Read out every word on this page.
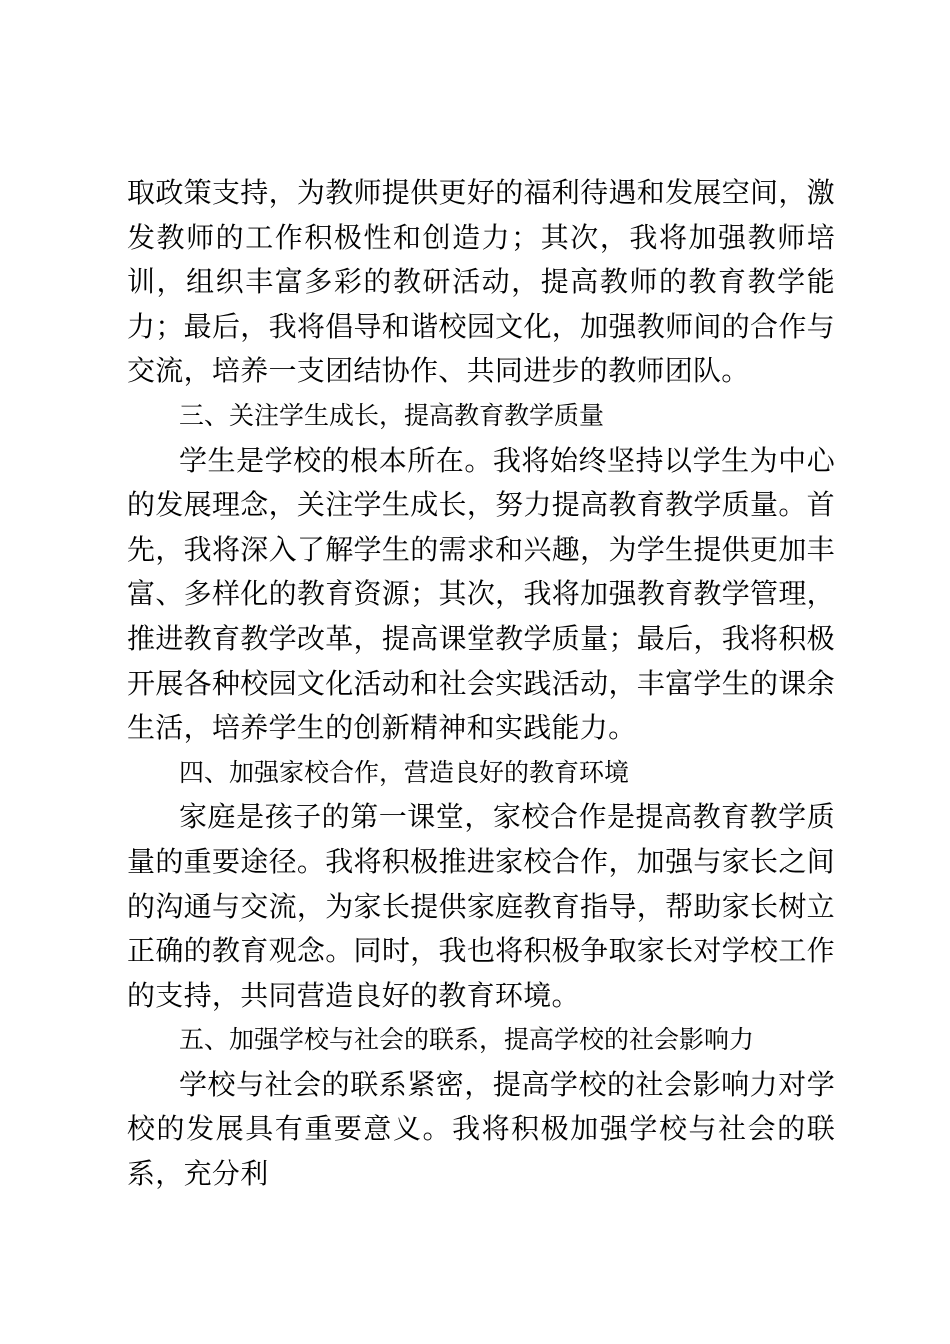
取政策支持，为教师提供更好的福利待遇和发展空间，激发教师的工作积极性和创造力；其次，我将加强教师培训，组织丰富多彩的教研活动，提高教师的教育教学能力；最后，我将倡导和谐校园文化，加强教师间的合作与交流，培养一支团结协作、共同进步的教师团队。

三、关注学生成长，提高教育教学质量

学生是学校的根本所在。我将始终坚持以学生为中心的发展理念，关注学生成长，努力提高教育教学质量。首先，我将深入了解学生的需求和兴趣，为学生提供更加丰富、多样化的教育资源；其次，我将加强教育教学管理，推进教育教学改革，提高课堂教学质量；最后，我将积极开展各种校园文化活动和社会实践活动，丰富学生的课余生活，培养学生的创新精神和实践能力。

四、加强家校合作，营造良好的教育环境

家庭是孩子的第一课堂，家校合作是提高教育教学质量的重要途径。我将积极推进家校合作，加强与家长之间的沟通与交流，为家长提供家庭教育指导，帮助家长树立正确的教育观念。同时，我也将积极争取家长对学校工作的支持，共同营造良好的教育环境。

五、加强学校与社会的联系，提高学校的社会影响力

学校与社会的联系紧密，提高学校的社会影响力对学校的发展具有重要意义。我将积极加强学校与社会的联系，充分利
